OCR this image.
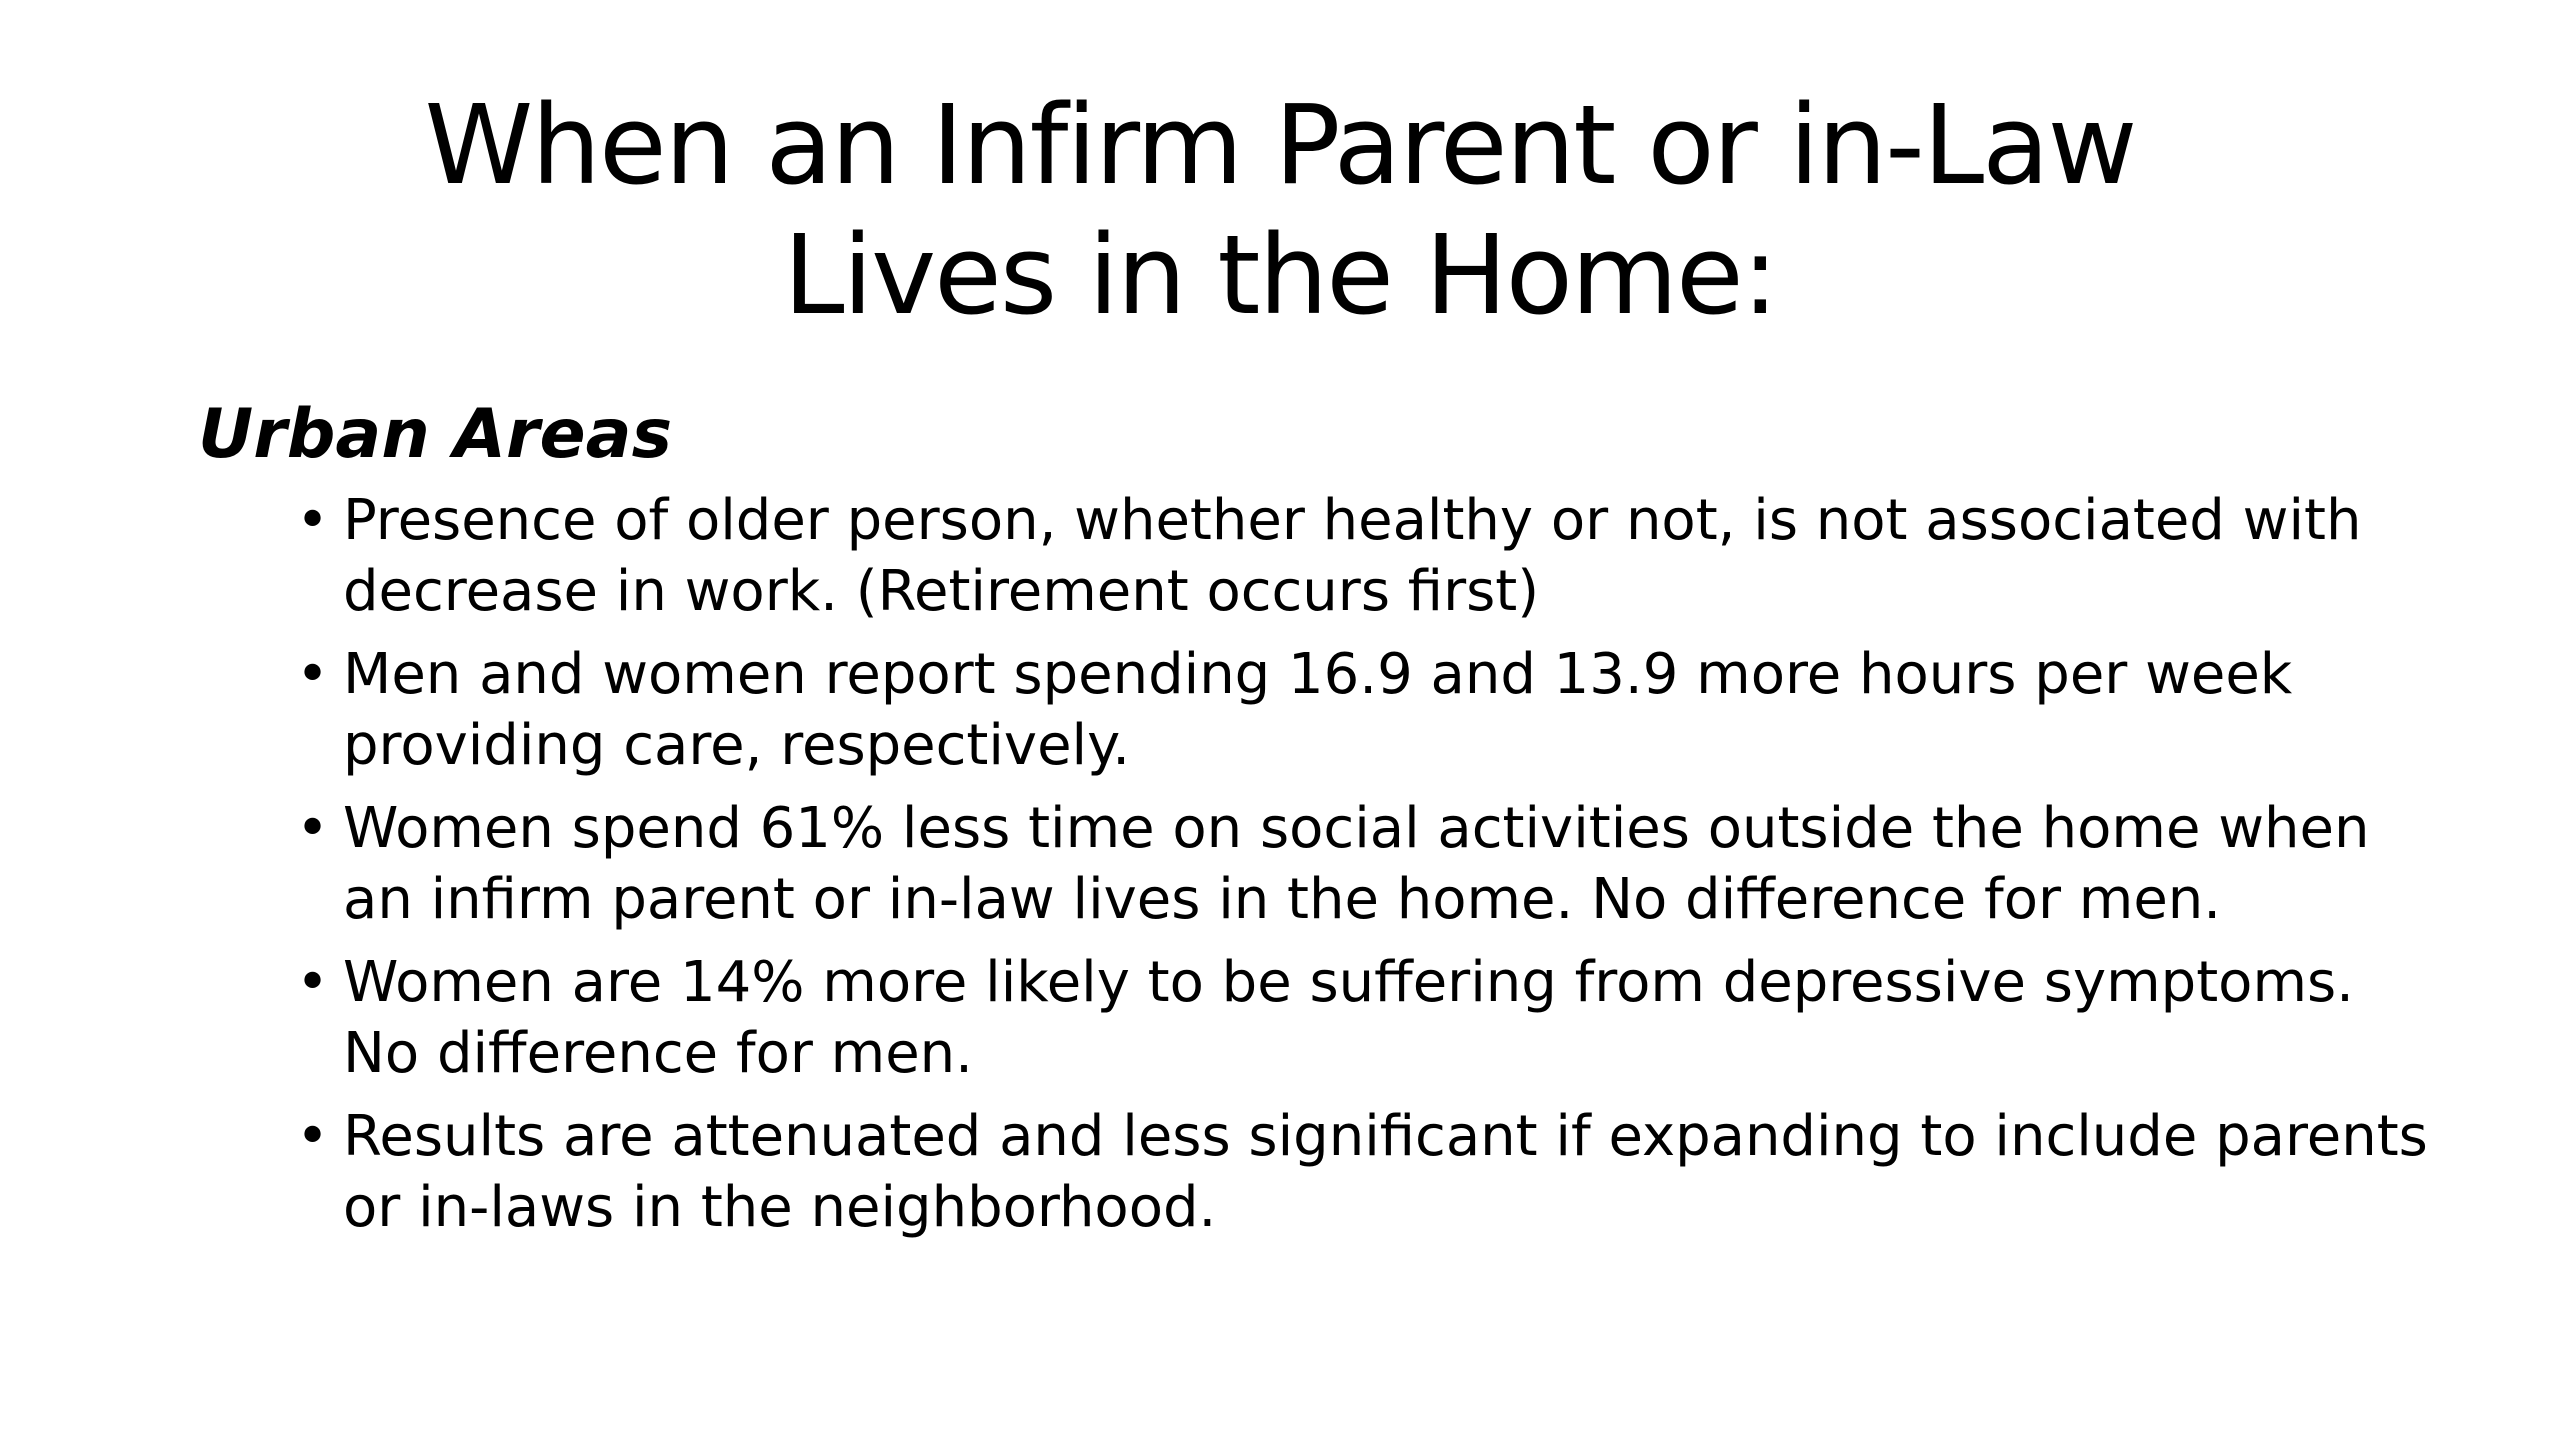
When an Infirm Parent or in-Law
Lives in the Home:
Urban Areas
• Presence of older person, whether healthy or not, is not associated with
decrease in work. (Retirement occurs first)
• Men and women report spending 16.9 and 13.9 more hours per week
providing care, respectively.
• Women spend 61% less time on social activities outside the home when
an infirm parent or in-law lives in the home. No difference for men.
• Women are 14% more likely to be suffering from depressive symptoms.
No difference for men.
• Results are attenuated and less significant if expanding to include parents
or in-laws in the neighborhood.
